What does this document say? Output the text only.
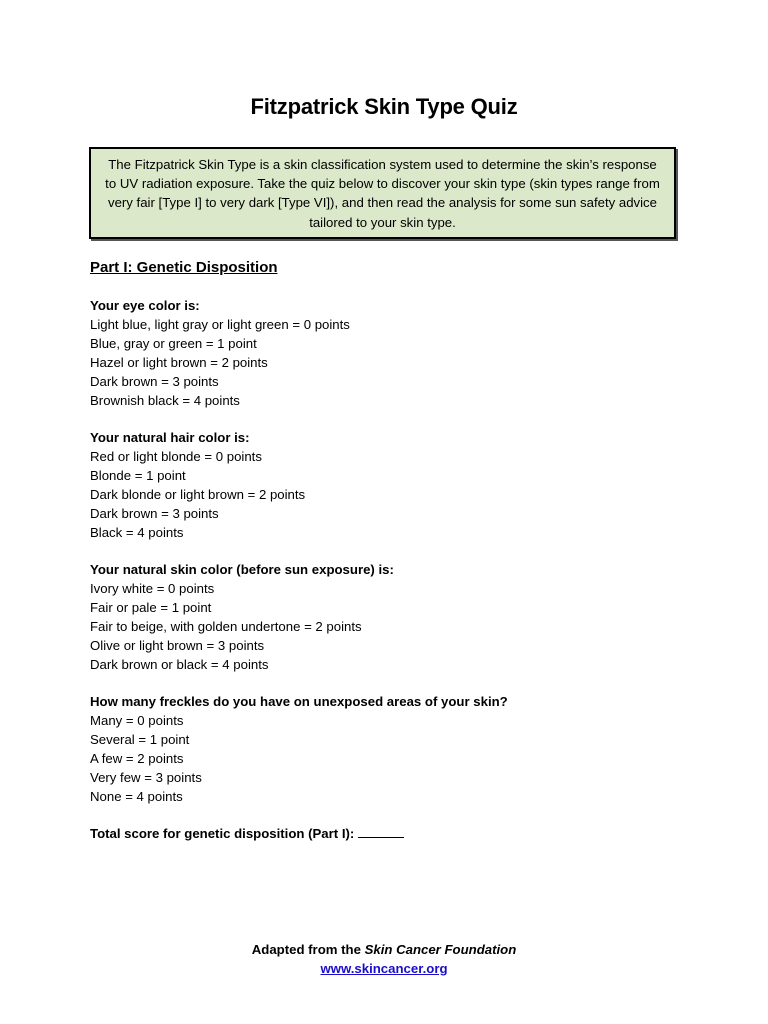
Fitzpatrick Skin Type Quiz
The Fitzpatrick Skin Type is a skin classification system used to determine the skin’s response to UV radiation exposure. Take the quiz below to discover your skin type (skin types range from very fair [Type I] to very dark [Type VI]), and then read the analysis for some sun safety advice tailored to your skin type.
Part I: Genetic Disposition
Your eye color is:
Light blue, light gray or light green = 0 points
Blue, gray or green = 1 point
Hazel or light brown = 2 points
Dark brown = 3 points
Brownish black = 4 points
Your natural hair color is:
Red or light blonde = 0 points
Blonde = 1 point
Dark blonde or light brown = 2 points
Dark brown = 3 points
Black = 4 points
Your natural skin color (before sun exposure) is:
Ivory white = 0 points
Fair or pale = 1 point
Fair to beige, with golden undertone = 2 points
Olive or light brown = 3 points
Dark brown or black = 4 points
How many freckles do you have on unexposed areas of your skin?
Many = 0 points
Several = 1 point
A few = 2 points
Very few = 3 points
None = 4 points
Total score for genetic disposition (Part I):
Adapted from the Skin Cancer Foundation
www.skincancer.org
